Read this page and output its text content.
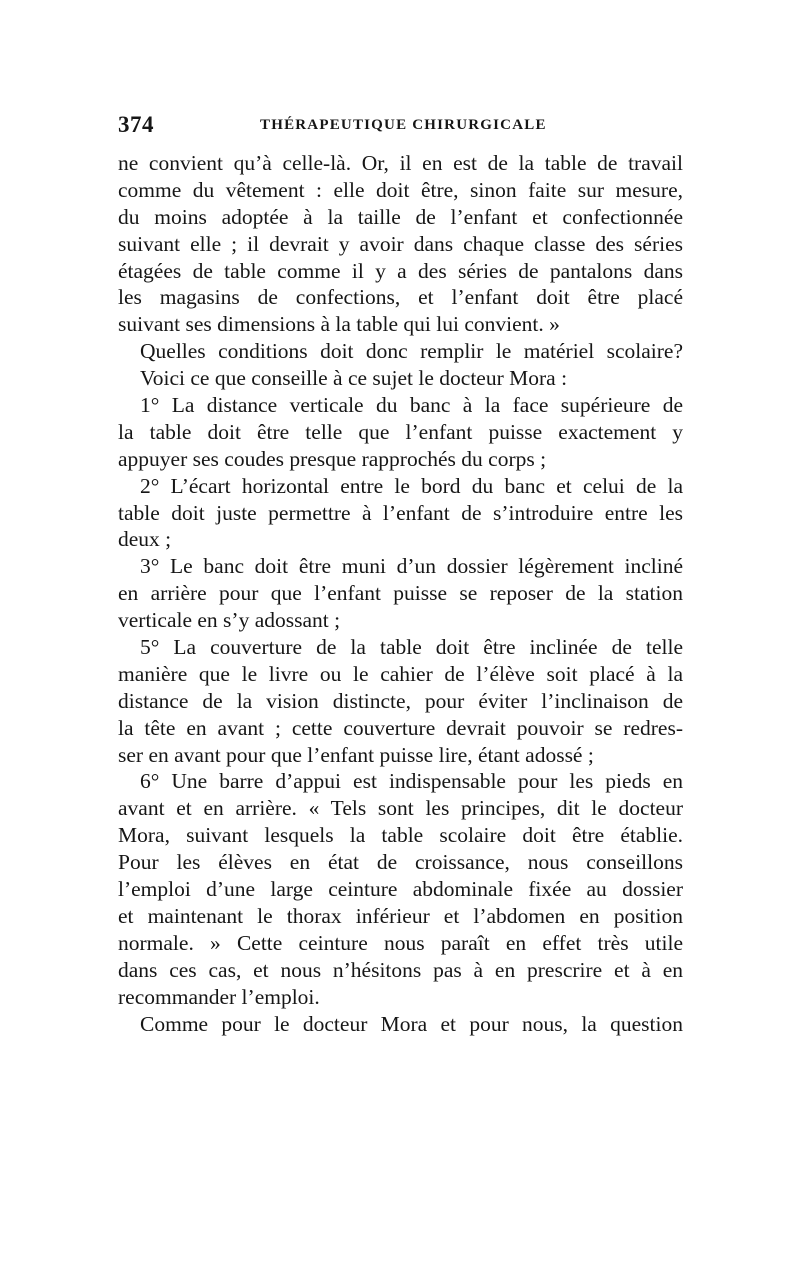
374	THÉRAPEUTIQUE CHIRURGICALE
ne convient qu’à celle-là. Or, il en est de la table de travail
comme du vêtement : elle doit être, sinon faite sur mesure,
du moins adoptée à la taille de l’enfant et confectionnée
suivant elle ; il devrait y avoir dans chaque classe des séries
étagées de table comme il y a des séries de pantalons dans
les magasins de confections, et l’enfant doit être placé
suivant ses dimensions à la table qui lui convient. »
Quelles conditions doit donc remplir le matériel scolaire?
Voici ce que conseille à ce sujet le docteur Mora :
1° La distance verticale du banc à la face supérieure de
la table doit être telle que l’enfant puisse exactement y
appuyer ses coudes presque rapprochés du corps ;
2° L’écart horizontal entre le bord du banc et celui de la
table doit juste permettre à l’enfant de s’introduire entre les
deux ;
3° Le banc doit être muni d’un dossier légèrement incliné
en arrière pour que l’enfant puisse se reposer de la station
verticale en s’y adossant ;
5° La couverture de la table doit être inclinée de telle
manière que le livre ou le cahier de l’élève soit placé à la
distance de la vision distincte, pour éviter l’inclinaison de
la tête en avant ; cette couverture devrait pouvoir se redres-
ser en avant pour que l’enfant puisse lire, étant adossé ;
6° Une barre d’appui est indispensable pour les pieds en
avant et en arrière. « Tels sont les principes, dit le docteur
Mora, suivant lesquels la table scolaire doit être établie.
Pour les élèves en état de croissance, nous conseillons
l’emploi d’une large ceinture abdominale fixée au dossier
et maintenant le thorax inférieur et l’abdomen en position
normale. » Cette ceinture nous paraît en effet très utile
dans ces cas, et nous n’hésitons pas à en prescrire et à en
recommander l’emploi.
Comme pour le docteur Mora et pour nous, la question
